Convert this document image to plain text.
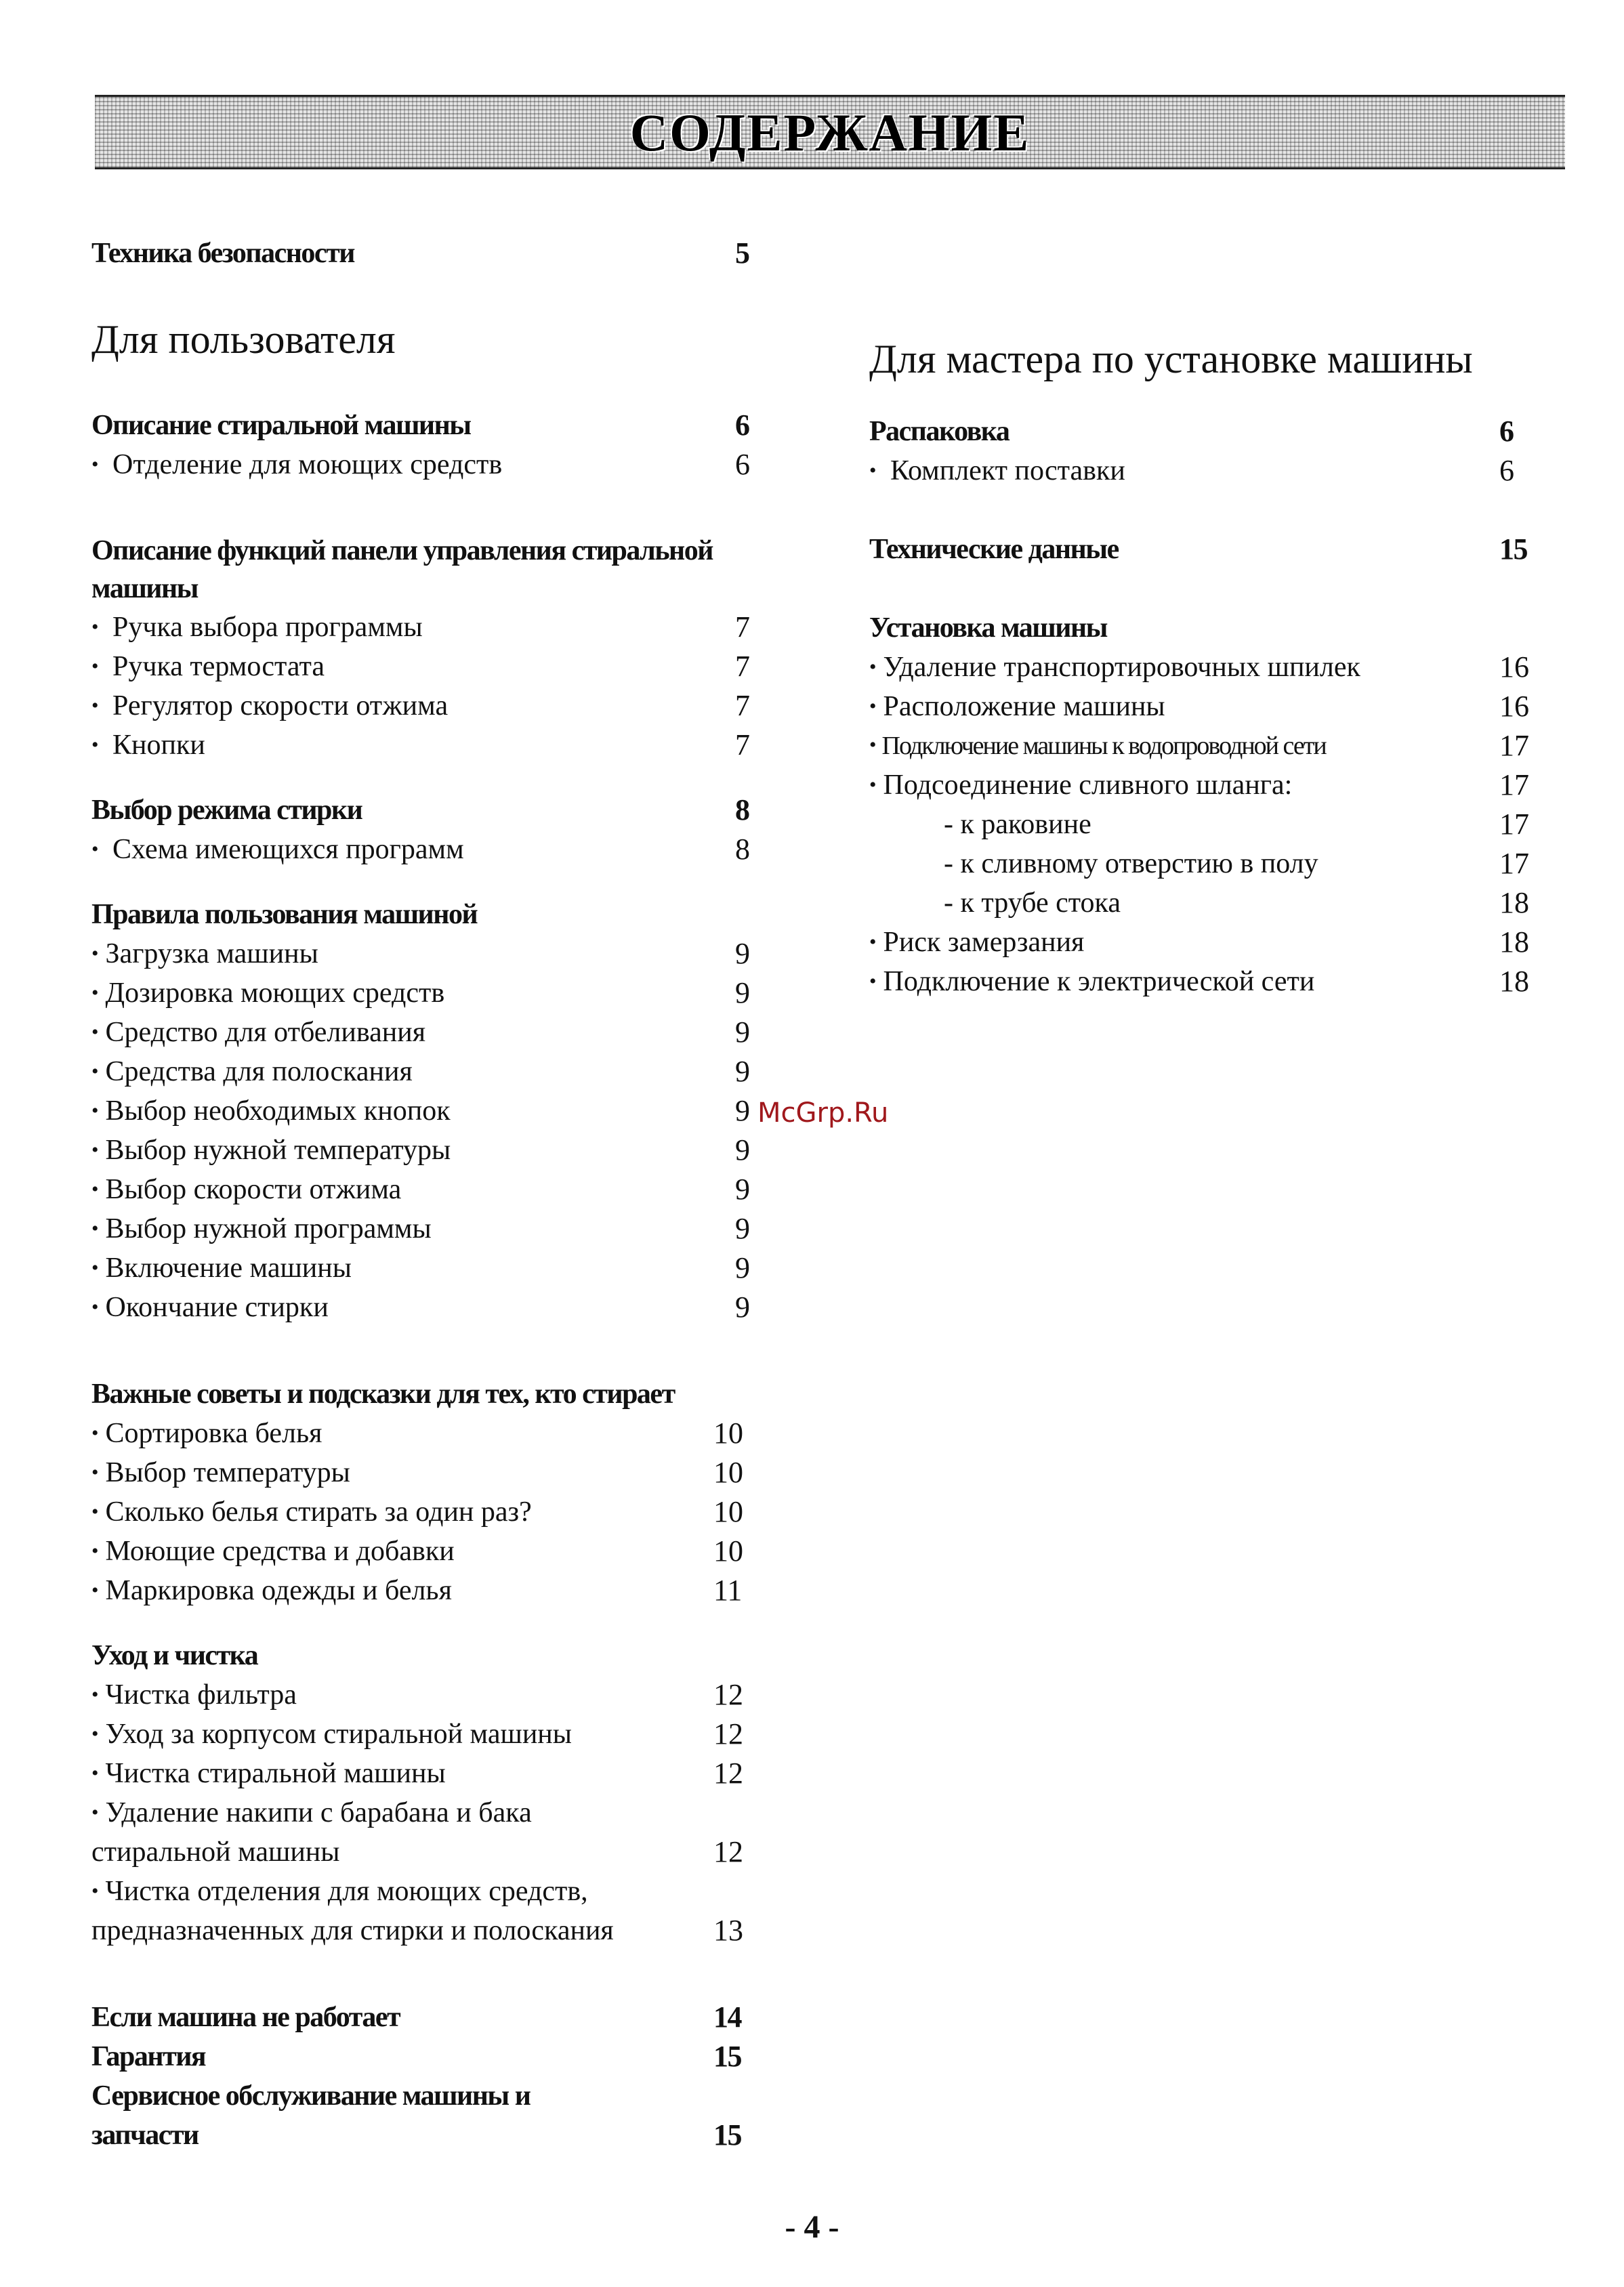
СОДЕРЖАНИЕ
Техника безопасности	5
Для пользователя
Описание стиральной машины	6
• Отделение для моющих средств	6
Описание функций панели управления стиральной
машины
• Ручка выбора программы	7
• Ручка термостата	7
• Регулятор скорости отжима	7
• Кнопки	7
Выбор режима стирки	8
• Схема имеющихся программ	8
Правила пользования машиной
• Загрузка машины	9
• Дозировка моющих средств	9
• Средство для отбеливания	9
• Средства для полоскания	9
• Выбор необходимых кнопок	9
• Выбор нужной температуры	9
• Выбор скорости отжима	9
• Выбор нужной программы	9
• Включение машины	9
• Окончание стирки	9
Важные советы и подсказки для тех, кто стирает
• Сортировка белья	10
• Выбор температуры	10
• Сколько белья стирать за один раз?	10
• Моющие средства и добавки	10
• Маркировка одежды и белья	11
Уход и чистка
• Чистка фильтра	12
• Уход за корпусом стиральной машины	12
• Чистка стиральной машины	12
• Удаление накипи с барабана и бака
стиральной машины	12
• Чистка отделения для моющих средств,
предназначенных для стирки и полоскания	13
Если машина не работает	14
Гарантия	15
Сервисное обслуживание машины и
запчасти	15
Для мастера по установке машины
Распаковка	6
• Комплект поставки	6
Технические данные	15
Установка машины
• Удаление транспортировочных шпилек	16
• Расположение машины	16
• Подключение машины к водопроводной сети	17
• Подсоединение сливного шланга:	17
- к раковине	17
- к сливному отверстию в полу	17
- к трубе стока	18
• Риск замерзания	18
• Подключение к электрической сети	18
McGrp.Ru
- 4 -
